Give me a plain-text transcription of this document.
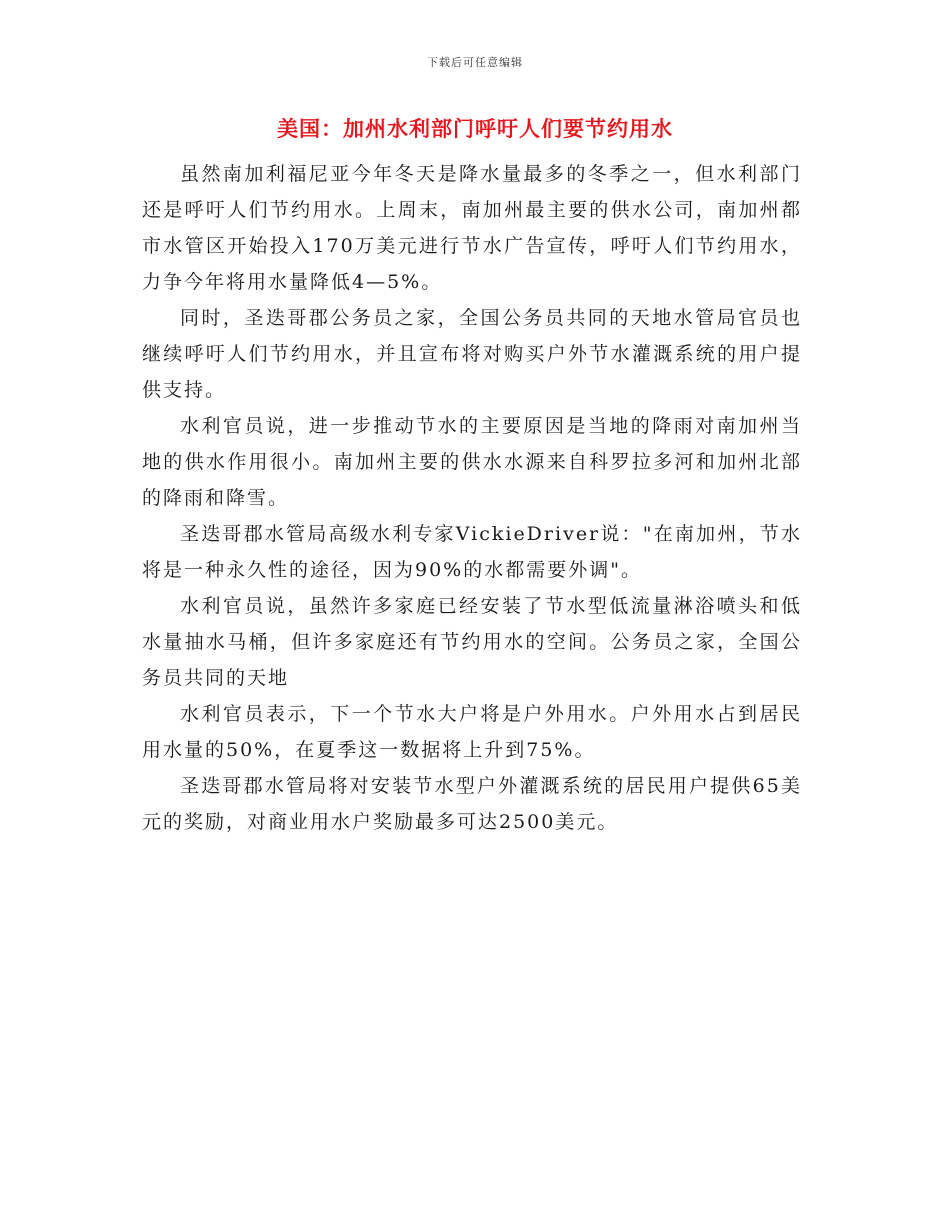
下载后可任意编辑
美国：加州水利部门呼吁人们要节约用水

虽然南加利福尼亚今年冬天是降水量最多的冬季之一，但水利部门还是呼吁人们节约用水。上周末，南加州最主要的供水公司，南加州都市水管区开始投入170万美元进行节水广告宣传，呼吁人们节约用水，力争今年将用水量降低4—5%。

同时，圣迭哥郡公务员之家，全国公务员共同的天地水管局官员也继续呼吁人们节约用水，并且宣布将对购买户外节水灌溉系统的用户提供支持。

水利官员说，进一步推动节水的主要原因是当地的降雨对南加州当地的供水作用很小。南加州主要的供水水源来自科罗拉多河和加州北部的降雨和降雪。

圣迭哥郡水管局高级水利专家VickieDriver说："在南加州，节水将是一种永久性的途径，因为90%的水都需要外调"。

水利官员说，虽然许多家庭已经安装了节水型低流量淋浴喷头和低水量抽水马桶，但许多家庭还有节约用水的空间。公务员之家，全国公务员共同的天地

水利官员表示，下一个节水大户将是户外用水。户外用水占到居民用水量的50%，在夏季这一数据将上升到75%。

圣迭哥郡水管局将对安装节水型户外灌溉系统的居民用户提供65美元的奖励，对商业用水户奖励最多可达2500美元。
